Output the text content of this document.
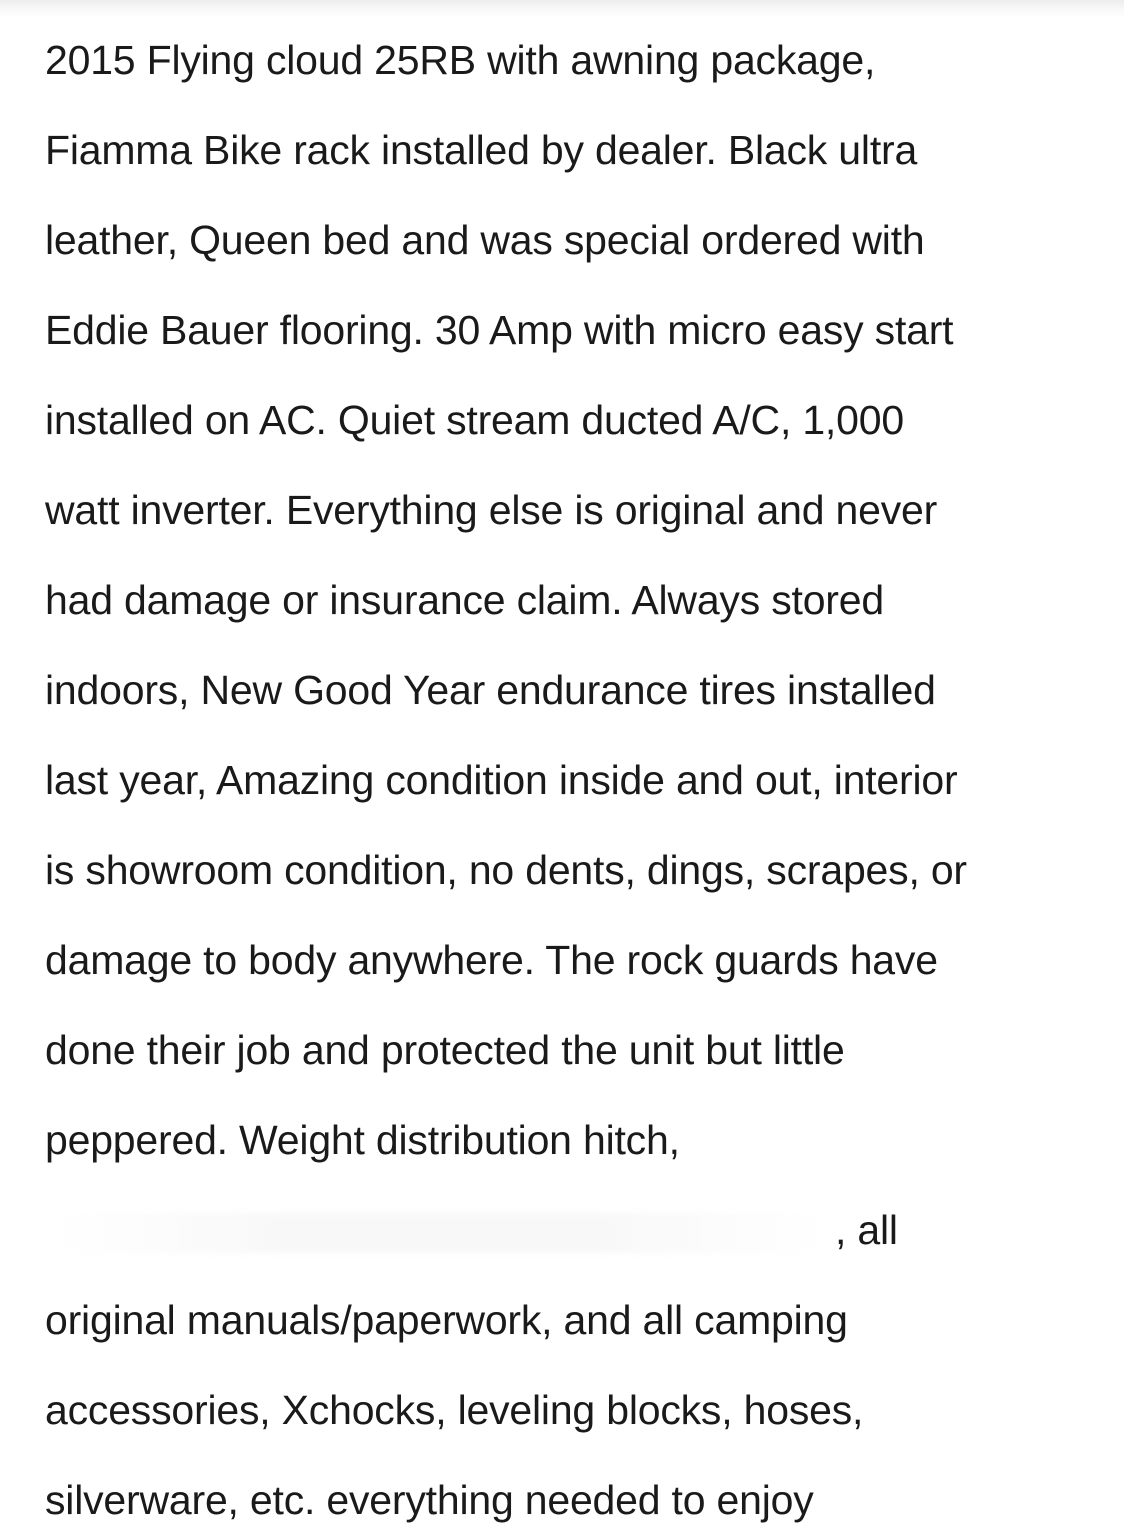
2015 Flying cloud 25RB with awning package,
Fiamma Bike rack installed by dealer. Black ultra
leather, Queen bed and was special ordered with
Eddie Bauer flooring. 30 Amp with micro easy start
installed on AC. Quiet stream ducted A/C, 1,000
watt inverter. Everything else is original and never
had damage or insurance claim. Always stored
indoors, New Good Year endurance tires installed
last year, Amazing condition inside and out, interior
is showroom condition, no dents, dings, scrapes, or
damage to body anywhere. The rock guards have
done their job and protected the unit but little
peppered. Weight distribution hitch,
, all
original manuals/paperwork, and all camping
accessories, Xchocks, leveling blocks, hoses,
silverware, etc. everything needed to enjoy
